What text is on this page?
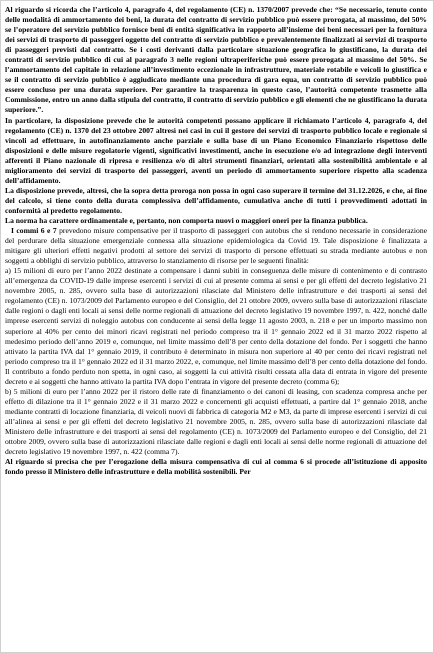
Al riguardo si ricorda che l’articolo 4, paragrafo 4, del regolamento (CE) n. 1370/2007 prevede che: “Se necessario, tenuto conto delle modalità di ammortamento dei beni, la durata del contratto di servizio pubblico può essere prorogata, al massimo, del 50% se l’operatore del servizio pubblico fornisce beni di entità significativa in rapporto all’insieme dei beni necessari per la fornitura dei servizi di trasporto di passeggeri oggetto del contratto di servizio pubblico e prevalentemente finalizzati ai servizi di trasporto di passeggeri previsti dal contratto. Se i costi derivanti dalla particolare situazione geografica lo giustificano, la durata dei contratti di servizio pubblico di cui al paragrafo 3 nelle regioni ultraperiferiche può essere prorogata al massimo del 50%. Se l’ammortamento del capitale in relazione all’investimento eccezionale in infrastrutture, materiale rotabile e veicoli lo giustifica e se il contratto di servizio pubblico è aggiudicato mediante una procedura di gara equa, un contratto di servizio pubblico può essere concluso per una durata superiore. Per garantire la trasparenza in questo caso, l’autorità competente trasmette alla Commissione, entro un anno dalla stipula del contratto, il contratto di servizio pubblico e gli elementi che ne giustificano la durata superiore.”.

In particolare, la disposizione prevede che le autorità competenti possano applicare il richiamato l’articolo 4, paragrafo 4, del regolamento (CE) n. 1370 del 23 ottobre 2007 altresì nei casi in cui il gestore dei servizi di trasporto pubblico locale e regionale si vincoli ad effettuare, in autofinanziamento anche parziale e sulla base di un Piano Economico Finanziario rispettoso delle disposizioni e delle misure regolatorie vigenti, significativi investimenti, anche in esecuzione e/o ad integrazione degli interventi afferenti il Piano nazionale di ripresa e resilienza e/o di altri strumenti finanziari, orientati alla sostenibilità ambientale e al miglioramento dei servizi di trasporto dei passeggeri, aventi un periodo di ammortamento superiore rispetto alla scadenza dell’affidamento.

La disposizione prevede, altresì, che la sopra detta proroga non possa in ogni caso superare il termine del 31.12.2026, e che, ai fine del calcolo, si tiene conto della durata complessiva dell’affidamento, cumulativa anche di tutti i provvedimenti adottati in conformità al predetto regolamento.

La norma ha carattere ordinamentale e, pertanto, non comporta nuovi o maggiori oneri per la finanza pubblica.

I commi 6 e 7 prevedono misure compensative per il trasporto di passeggeri con autobus che si rendono necessarie in considerazione del perdurare della situazione emergenziale connessa alla situazione epidemiologica da Covid 19. Tale disposizione è finalizzata a mitigare gli ulteriori effetti negativi prodotti al settore dei servizi di trasporto di persone effettuati su strada mediante autobus e non soggetti a obblighi di servizio pubblico, attraverso lo stanziamento di risorse per le seguenti finalità:

a) 15 milioni di euro per l’anno 2022 destinate a compensare i danni subiti in conseguenza delle misure di contenimento e di contrasto all’emergenza da COVID-19 dalle imprese esercenti i servizi di cui al presente comma ai sensi e per gli effetti del decreto legislativo 21 novembre 2005, n. 285, ovvero sulla base di autorizzazioni rilasciate dal Ministero delle infrastrutture e dei trasporti ai sensi del regolamento (CE) n. 1073/2009 del Parlamento europeo e del Consiglio, del 21 ottobre 2009, ovvero sulla base di autorizzazioni rilasciate dalle regioni o dagli enti locali ai sensi delle norme regionali di attuazione del decreto legislativo 19 novembre 1997, n. 422, nonché dalle imprese esercenti servizi di noleggio autobus con conducente ai sensi della legge 11 agosto 2003, n. 218 e per un importo massimo non superiore al 40% per cento dei minori ricavi registrati nel periodo compreso tra il 1° gennaio 2022 ed il 31 marzo 2022 rispetto al medesimo periodo dell’anno 2019 e, comunque, nel limite massimo dell’8 per cento della dotazione del fondo. Per i soggetti che hanno attivato la partita IVA dal 1° gennaio 2019, il contributo è determinato in misura non superiore al 40 per cento dei ricavi registrati nel periodo compreso tra il 1° gennaio 2022 ed il 31 marzo 2022, e, comunque, nel limite massimo dell’8 per cento della dotazione del fondo. Il contributo a fondo perduto non spetta, in ogni caso, ai soggetti la cui attività risulti cessata alla data di entrata in vigore del presente decreto e ai soggetti che hanno attivato la partita IVA dopo l’entrata in vigore del presente decreto (comma 6);

b) 5 milioni di euro per l’anno 2022 per il ristoro delle rate di finanziamento o dei canoni di leasing, con scadenza compresa anche per effetto di dilazione tra il 1° gennaio 2022 e il 31 marzo 2022 e concernenti gli acquisti effettuati, a partire dal 1° gennaio 2018, anche mediante contratti di locazione finanziaria, di veicoli nuovi di fabbrica di categoria M2 e M3, da parte di imprese esercenti i servizi di cui all’alinea ai sensi e per gli effetti del decreto legislativo 21 novembre 2005, n. 285, ovvero sulla base di autorizzazioni rilasciate dal Ministero delle infrastrutture e dei trasporti ai sensi del regolamento (CE) n. 1073/2009 del Parlamento europeo e del Consiglio, del 21 ottobre 2009, ovvero sulla base di autorizzazioni rilasciate dalle regioni e dagli enti locali ai sensi delle norme regionali di attuazione del decreto legislativo 19 novembre 1997, n. 422 (comma 7).

Al riguardo si precisa che per l’erogazione della misura compensativa di cui al comma 6 si procede all’istituzione di apposito fondo presso il Ministero delle infrastrutture e della mobilità sostenibili. Per
